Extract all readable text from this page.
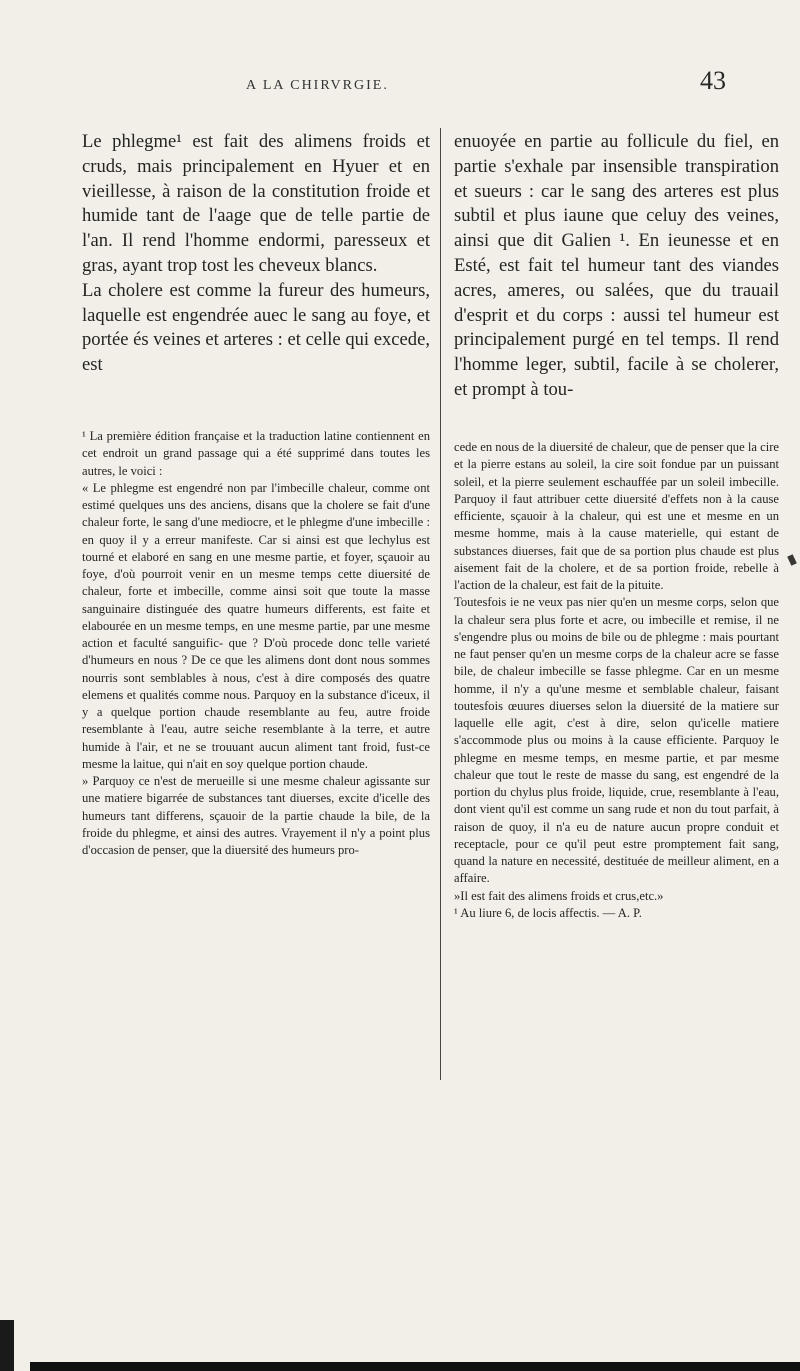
A LA CHIRVRGIE.	43

Le phlegme¹ est fait des alimens froids et cruds, mais principalement en Hyuer et en vieillesse, à raison de la constitution froide et humide tant de l'aage que de telle partie de l'an. Il rend l'homme endormi, paresseux et gras, ayant trop tost les cheveux blancs.

La cholere est comme la fureur des humeurs, laquelle est engendrée auec le sang au foye, et portée és veines et arteres : et celle qui excede, est

¹ La première édition française et la traduction latine contiennent en cet endroit un grand passage qui a été supprimé dans toutes les autres, le voici :

« Le phlegme est engendré non par l'imbecille chaleur, comme ont estimé quelques uns des anciens, disans que la cholere se fait d'une chaleur forte, le sang d'une mediocre, et le phlegme d'une imbecille : en quoy il y a erreur manifeste. Car si ainsi est que lechylus est tourné et elaboré en sang en une mesme partie, et foyer, sçauoir au foye, d'où pourroit venir en un mesme temps cette diuersité de chaleur, forte et imbecille, comme ainsi soit que toute la masse sanguinaire distinguée des quatre humeurs differents, est faite et elabourée en un mesme temps, en une mesme partie, par une mesme action et faculté sanguific- que ? D'où procede donc telle varieté d'humeurs en nous ? De ce que les alimens dont dont nous sommes nourris sont semblables à nous, c'est à dire composés des quatre elemens et qualités comme nous. Parquoy en la substance d'iceux, il y a quelque portion chaude resemblante au feu, autre froide resemblante à l'eau, autre seiche resemblante à la terre, et autre humide à l'air, et ne se trouuant aucun aliment tant froid, fust-ce mesme la laitue, qui n'ait en soy quelque portion chaude.

» Parquoy ce n'est de merueille si une mesme chaleur agissante sur une matiere bigarrée de substances tant diuerses, excite d'icelle des humeurs tant differens, sçauoir de la partie chaude la bile, de la froide du phlegme, et ainsi des autres. Vrayement il n'y a point plus d'occasion de penser, que la diuersité des humeurs pro-

enuoyée en partie au follicule du fiel, en partie s'exhale par insensible transpiration et sueurs : car le sang des arteres est plus subtil et plus iaune que celuy des veines, ainsi que dit Galien ¹. En ieunesse et en Esté, est fait tel humeur tant des viandes acres, ameres, ou salées, que du trauail d'esprit et du corps : aussi tel humeur est principalement purgé en tel temps. Il rend l'homme leger, subtil, facile à se cholerer, et prompt à tou-

cede en nous de la diuersité de chaleur, que de penser que la cire et la pierre estans au soleil, la cire soit fondue par un puissant soleil, et la pierre seulement eschauffée par un soleil imbecille. Parquoy il faut attribuer cette diuersité d'effets non à la cause efficiente, sçauoir à la chaleur, qui est une et mesme en un mesme homme, mais à la cause materielle, qui estant de substances diuerses, fait que de sa portion plus chaude est plus aisement fait de la cholere, et de sa portion froide, rebelle à l'action de la chaleur, est fait de la pituite.

Toutesfois ie ne veux pas nier qu'en un mesme corps, selon que la chaleur sera plus forte et acre, ou imbecille et remise, il ne s'engendre plus ou moins de bile ou de phlegme : mais pourtant ne faut penser qu'en un mesme corps de la chaleur acre se fasse bile, de chaleur imbecille se fasse phlegme. Car en un mesme homme, il n'y a qu'une mesme et semblable chaleur, faisant toutesfois œuures diuerses selon la diuersité de la matiere sur laquelle elle agit, c'est à dire, selon qu'icelle matiere s'accommode plus ou moins à la cause efficiente. Parquoy le phlegme en mesme temps, en mesme partie, et par mesme chaleur que tout le reste de masse du sang, est engendré de la portion du chylus plus froide, liquide, crue, resemblante à l'eau, dont vient qu'il est comme un sang rude et non du tout parfait, à raison de quoy, il n'a eu de nature aucun propre conduit et receptacle, pour ce qu'il peut estre promptement fait sang, quand la nature en necessité, destituée de meilleur aliment, en a affaire.

»Il est fait des alimens froids et crus,etc.»

¹ Au liure 6, de locis affectis. — A. P.
